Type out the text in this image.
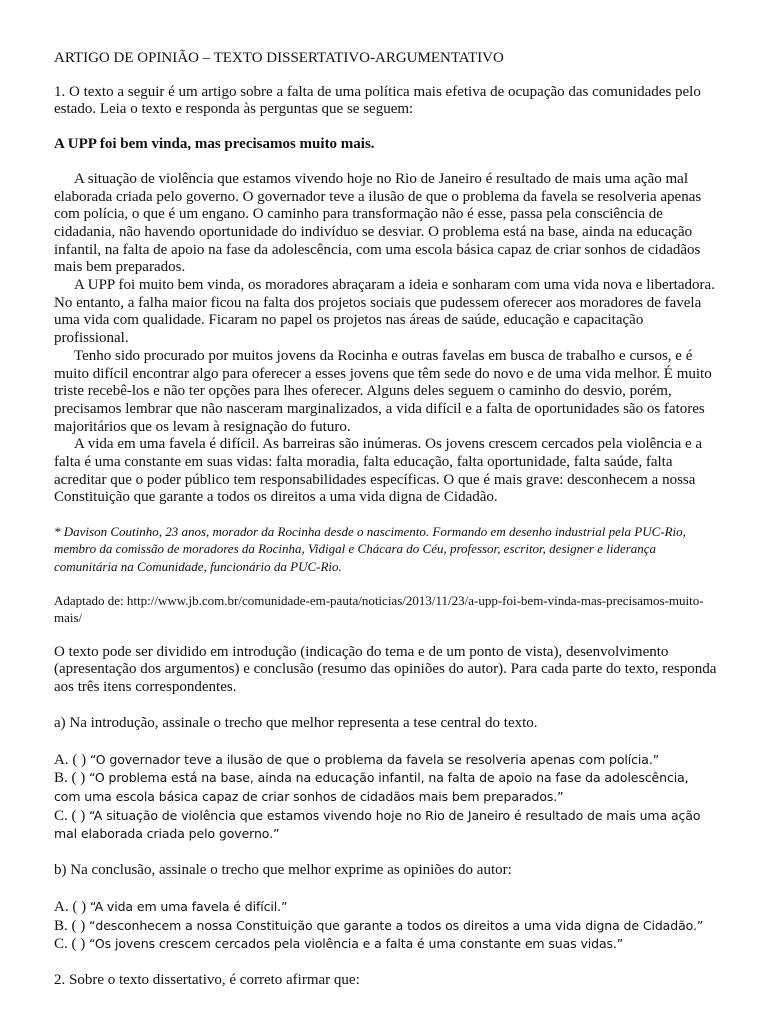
ARTIGO DE OPINIÃO – TEXTO DISSERTATIVO-ARGUMENTATIVO

1. O texto a seguir é um artigo sobre a falta de uma política mais efetiva de ocupação das comunidades pelo estado. Leia o texto e responda às perguntas que se seguem:

A UPP foi bem vinda, mas precisamos muito mais.

A situação de violência que estamos vivendo hoje no Rio de Janeiro é resultado de mais uma ação mal elaborada criada pelo governo. O governador teve a ilusão de que o problema da favela se resolveria apenas com polícia, o que é um engano. O caminho para transformação não é esse, passa pela consciência de cidadania, não havendo oportunidade do indivíduo se desviar. O problema está na base, ainda na educação infantil, na falta de apoio na fase da adolescência, com uma escola básica capaz de criar sonhos de cidadãos mais bem preparados.

A UPP foi muito bem vinda, os moradores abraçaram a ideia e sonharam com uma vida nova e libertadora. No entanto, a falha maior ficou na falta dos projetos sociais que pudessem oferecer aos moradores de favela uma vida com qualidade. Ficaram no papel os projetos nas áreas de saúde, educação e capacitação profissional.

Tenho sido procurado por muitos jovens da Rocinha e outras favelas em busca de trabalho e cursos, e é muito difícil encontrar algo para oferecer a esses jovens que têm sede do novo e de uma vida melhor. É muito triste recebê-los e não ter opções para lhes oferecer. Alguns deles seguem o caminho do desvio, porém, precisamos lembrar que não nasceram marginalizados, a vida difícil e a falta de oportunidades são os fatores majoritários que os levam à resignação do futuro.

A vida em uma favela é difícil. As barreiras são inúmeras. Os jovens crescem cercados pela violência e a falta é uma constante em suas vidas: falta moradia, falta educação, falta oportunidade, falta saúde, falta acreditar que o poder público tem responsabilidades específicas. O que é mais grave: desconhecem a nossa Constituição que garante a todos os direitos a uma vida digna de Cidadão.

* Davison Coutinho, 23 anos, morador da Rocinha desde o nascimento. Formando em desenho industrial pela PUC-Rio, membro da comissão de moradores da Rocinha, Vidigal e Chácara do Céu, professor, escritor, designer e liderança comunitária na Comunidade, funcionário da PUC-Rio.

Adaptado de: http://www.jb.com.br/comunidade-em-pauta/noticias/2013/11/23/a-upp-foi-bem-vinda-mas-precisamos-muito-mais/

O texto pode ser dividido em introdução (indicação do tema e de um ponto de vista), desenvolvimento (apresentação dos argumentos) e conclusão (resumo das opiniões do autor). Para cada parte do texto, responda aos três itens correspondentes.

a) Na introdução, assinale o trecho que melhor representa a tese central do texto.

A. ( ) “O governador teve a ilusão de que o problema da favela se resolveria apenas com polícia.”

B. ( ) “O problema está na base, ainda na educação infantil, na falta de apoio na fase da adolescência, com uma escola básica capaz de criar sonhos de cidadãos mais bem preparados.”

C. ( ) “A situação de violência que estamos vivendo hoje no Rio de Janeiro é resultado de mais uma ação mal elaborada criada pelo governo.”

b) Na conclusão, assinale o trecho que melhor exprime as opiniões do autor:

A. ( ) “A vida em uma favela é difícil.”

B. ( ) “desconhecem a nossa Constituição que garante a todos os direitos a uma vida digna de Cidadão.”

C. ( ) “Os jovens crescem cercados pela violência e a falta é uma constante em suas vidas.”

2. Sobre o texto dissertativo, é correto afirmar que:
